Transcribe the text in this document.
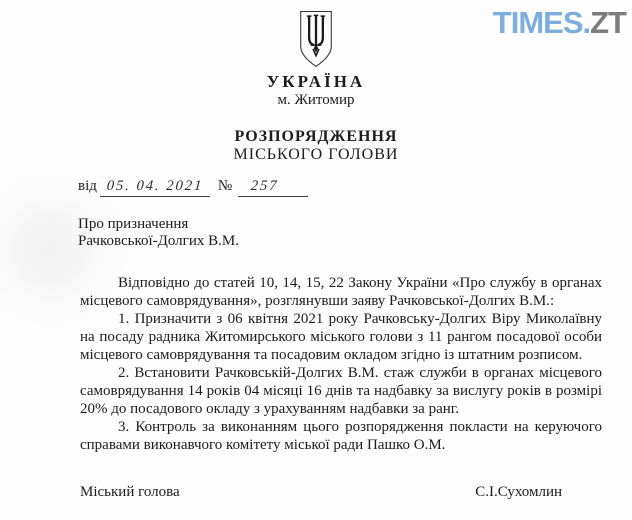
TIMES.ZT
УКРАЇНА
м. Житомир
РОЗПОРЯДЖЕННЯ
МІСЬКОГО ГОЛОВИ
від 05. 04. 2021 № 257
Про призначення
Рачковської-Долгих В.М.

Відповідно до статей 10, 14, 15, 22 Закону України «Про службу в органах місцевого самоврядування», розглянувши заяву Рачковської-Долгих В.М.:

1. Призначити з 06 квітня 2021 року Рачковську-Долгих Віру Миколаївну на посаду радника Житомирського міського голови з 11 рангом посадової особи місцевого самоврядування та посадовим окладом згідно із штатним розписом.

2. Встановити Рачковській-Долгих В.М. стаж служби в органах місцевого самоврядування 14 років 04 місяці 16 днів та надбавку за вислугу років в розмірі 20% до посадового окладу з урахуванням надбавки за ранг.

3. Контроль за виконанням цього розпорядження покласти на керуючого справами виконавчого комітету міської ради Пашко О.М.

Міський голова	С.І.Сухомлин
